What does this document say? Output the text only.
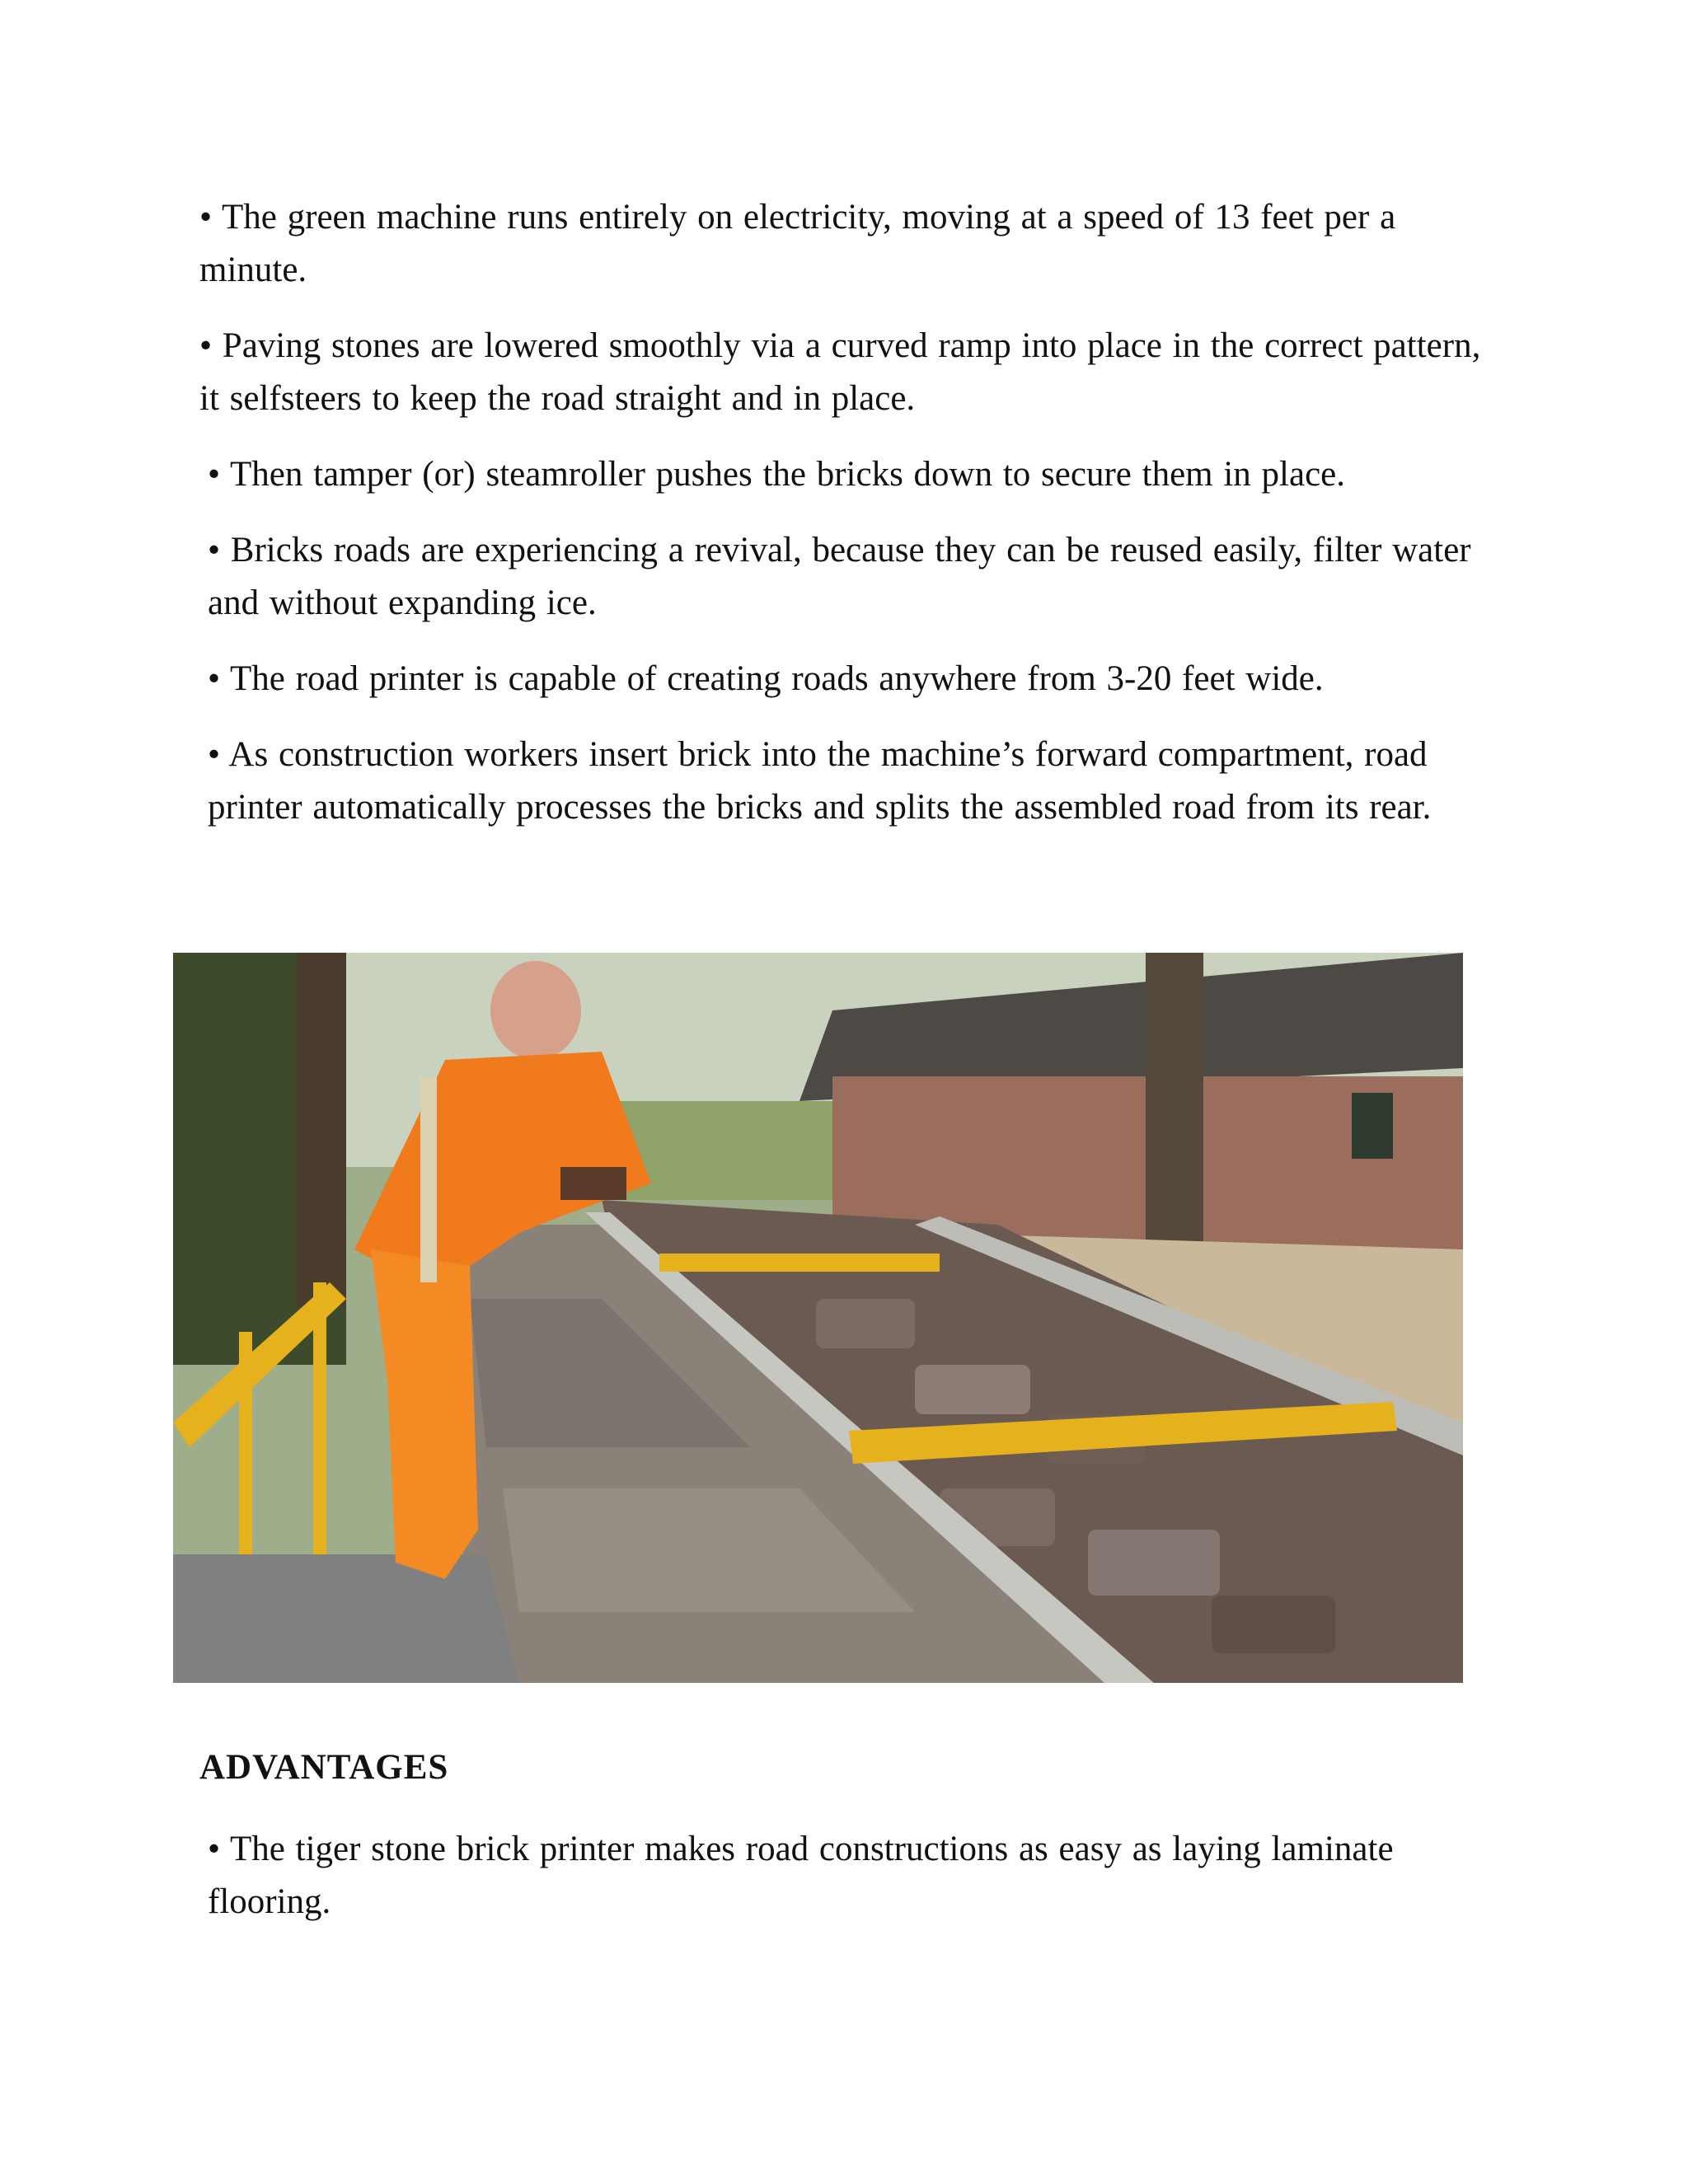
• The green machine runs entirely on electricity, moving at a speed of 13 feet per a minute.

• Paving stones are lowered smoothly via a curved ramp into place in the correct pattern, it selfsteers to keep the road straight and in place.

• Then tamper (or) steamroller pushes the bricks down to secure them in place.

• Bricks roads are experiencing a revival, because they can be reused easily, filter water and without expanding ice.

• The road printer is capable of creating roads anywhere from 3-20 feet wide.

• As construction workers insert brick into the machine’s forward compartment, road printer automatically processes the bricks and splits the assembled road from its rear.

ADVANTAGES

• The tiger stone brick printer makes road constructions as easy as laying laminate flooring.
